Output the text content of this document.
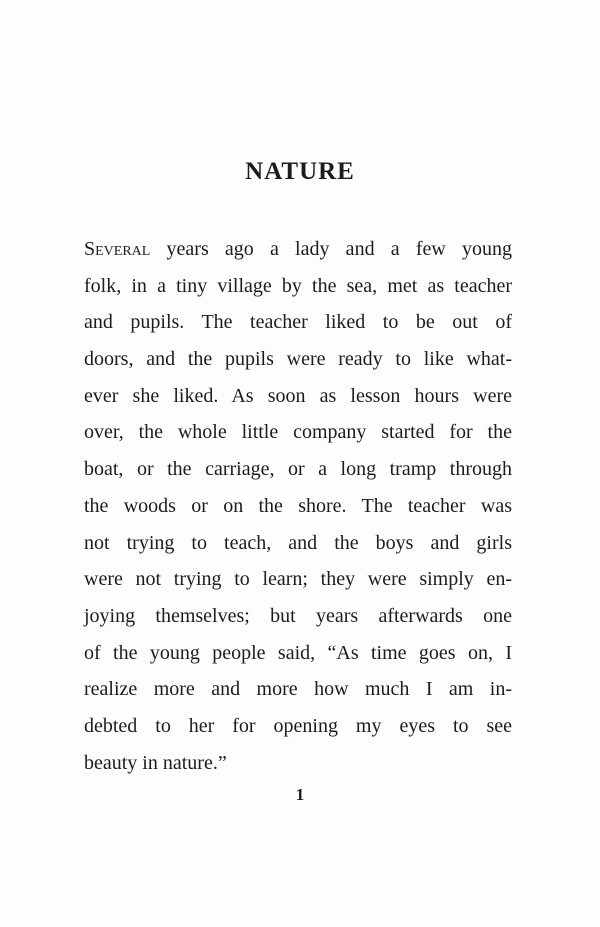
NATURE
Several years ago a lady and a few young
folk, in a tiny village by the sea, met as teacher
and pupils. The teacher liked to be out of
doors, and the pupils were ready to like what-
ever she liked. As soon as lesson hours were
over, the whole little company started for the
boat, or the carriage, or a long tramp through
the woods or on the shore. The teacher was
not trying to teach, and the boys and girls
were not trying to learn; they were simply en-
joying themselves; but years afterwards one
of the young people said, “As time goes on, I
realize more and more how much I am in-
debted to her for opening my eyes to see
beauty in nature.”
1
